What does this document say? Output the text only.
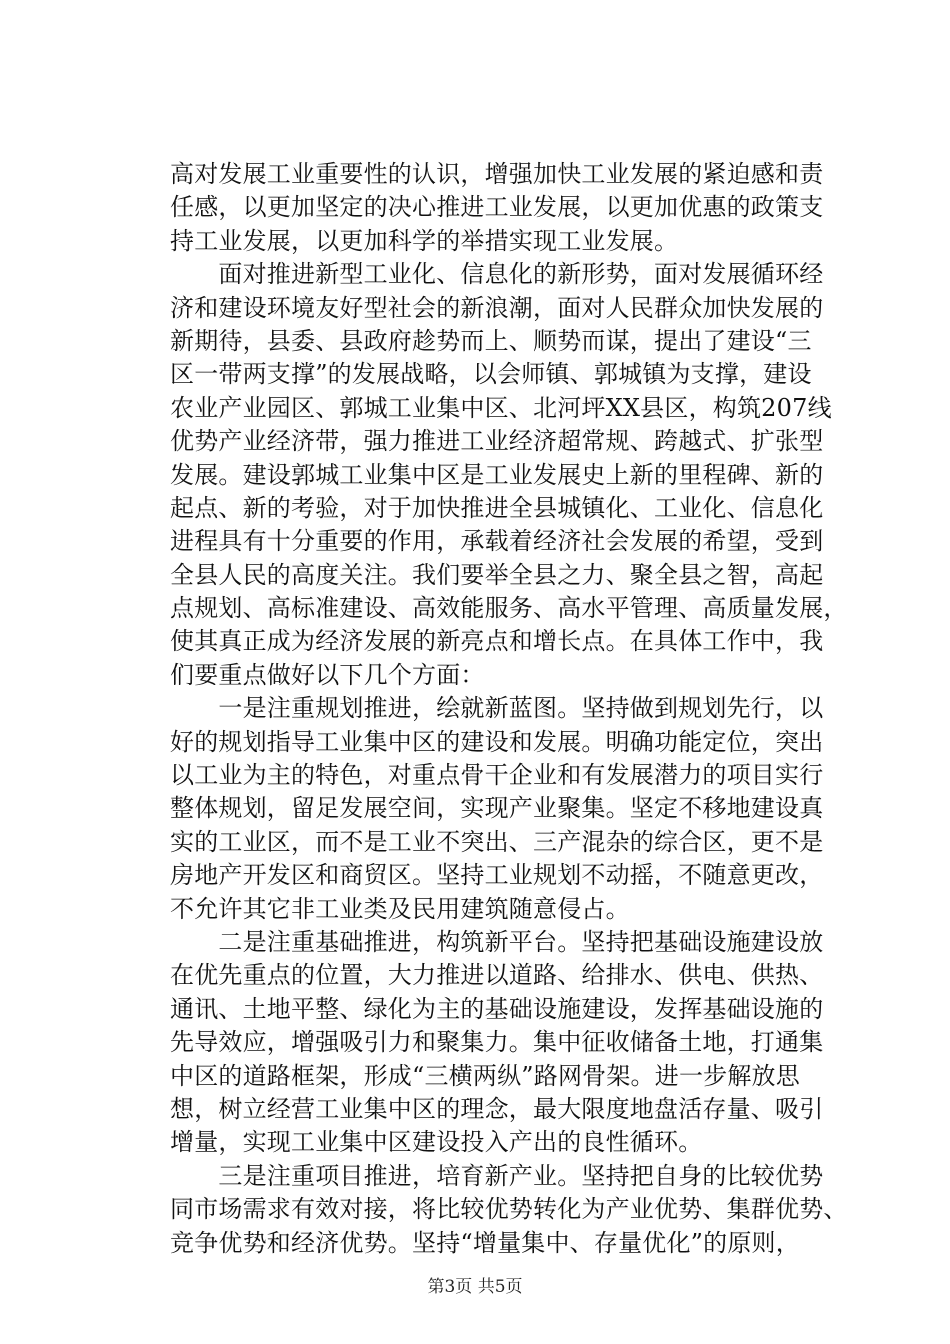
高对发展工业重要性的认识，增强加快工业发展的紧迫感和责
任感，以更加坚定的决心推进工业发展，以更加优惠的政策支
持工业发展，以更加科学的举措实现工业发展。
　　面对推进新型工业化、信息化的新形势，面对发展循环经
济和建设环境友好型社会的新浪潮，面对人民群众加快发展的
新期待，县委、县政府趁势而上、顺势而谋，提出了建设“三
区一带两支撑”的发展战略，以会师镇、郭城镇为支撑，建设
农业产业园区、郭城工业集中区、北河坪XX县区，构筑207线
优势产业经济带，强力推进工业经济超常规、跨越式、扩张型
发展。建设郭城工业集中区是工业发展史上新的里程碑、新的
起点、新的考验，对于加快推进全县城镇化、工业化、信息化
进程具有十分重要的作用，承载着经济社会发展的希望，受到
全县人民的高度关注。我们要举全县之力、聚全县之智，高起
点规划、高标准建设、高效能服务、高水平管理、高质量发展，
使其真正成为经济发展的新亮点和增长点。在具体工作中，我
们要重点做好以下几个方面：
　　一是注重规划推进，绘就新蓝图。坚持做到规划先行，以
好的规划指导工业集中区的建设和发展。明确功能定位，突出
以工业为主的特色，对重点骨干企业和有发展潜力的项目实行
整体规划，留足发展空间，实现产业聚集。坚定不移地建设真
实的工业区，而不是工业不突出、三产混杂的综合区，更不是
房地产开发区和商贸区。坚持工业规划不动摇，不随意更改，
不允许其它非工业类及民用建筑随意侵占。
　　二是注重基础推进，构筑新平台。坚持把基础设施建设放
在优先重点的位置，大力推进以道路、给排水、供电、供热、
通讯、土地平整、绿化为主的基础设施建设，发挥基础设施的
先导效应，增强吸引力和聚集力。集中征收储备土地，打通集
中区的道路框架，形成“三横两纵”路网骨架。进一步解放思
想，树立经营工业集中区的理念，最大限度地盘活存量、吸引
增量，实现工业集中区建设投入产出的良性循环。
　　三是注重项目推进，培育新产业。坚持把自身的比较优势
同市场需求有效对接，将比较优势转化为产业优势、集群优势、
竞争优势和经济优势。坚持“增量集中、存量优化”的原则，
第3页 共5页
